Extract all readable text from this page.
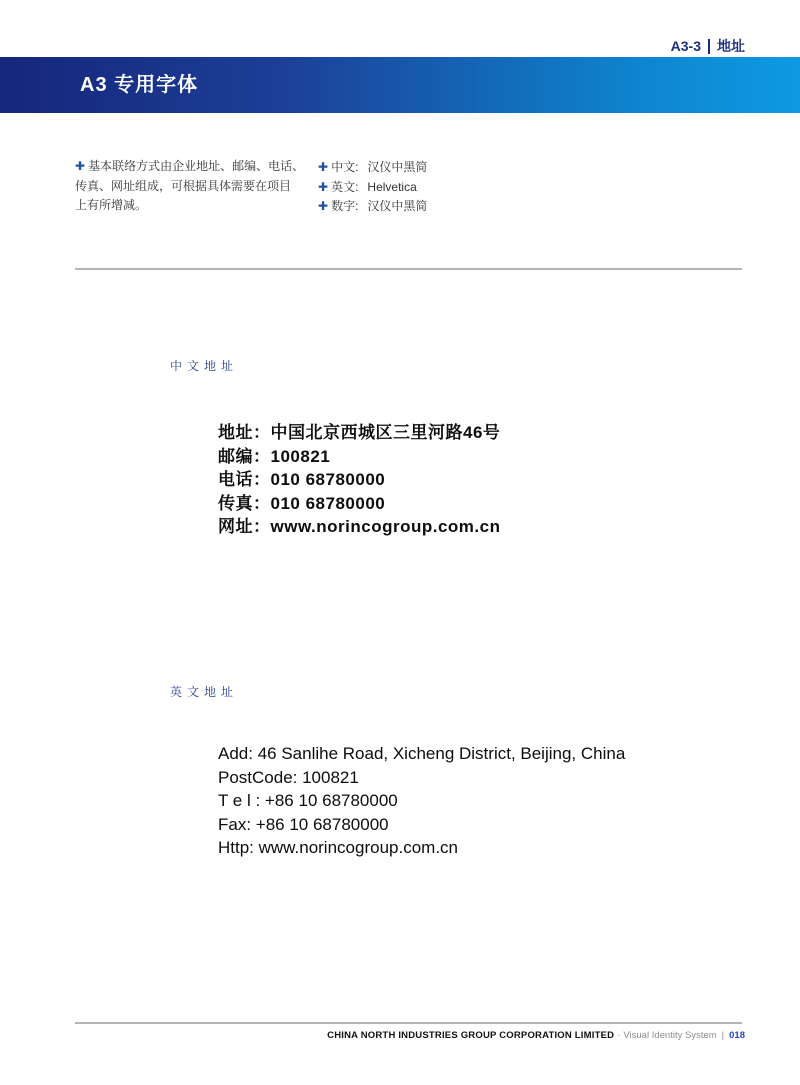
A3-3 地址
A3 专用字体
✚ 基本联络方式由企业地址、邮编、电话、
传真、网址组成，可根据具体需要在项目
上有所增减。
✚ 中文: 汉仪中黑简
✚ 英文: Helvetica
✚ 数字: 汉仪中黑简
中文地址
地址：中国北京西城区三里河路46号
邮编：100821
电话：010 68780000
传真：010 68780000
网址：www.norincogroup.com.cn
英文地址
Add: 46 Sanlihe Road, Xicheng District, Beijing, China
PostCode: 100821
T e l : +86 10 68780000
Fax: +86 10 68780000
Http: www.norincogroup.com.cn
CHINA NORTH INDUSTRIES GROUP CORPORATION LIMITED · Visual Identity System | 018
